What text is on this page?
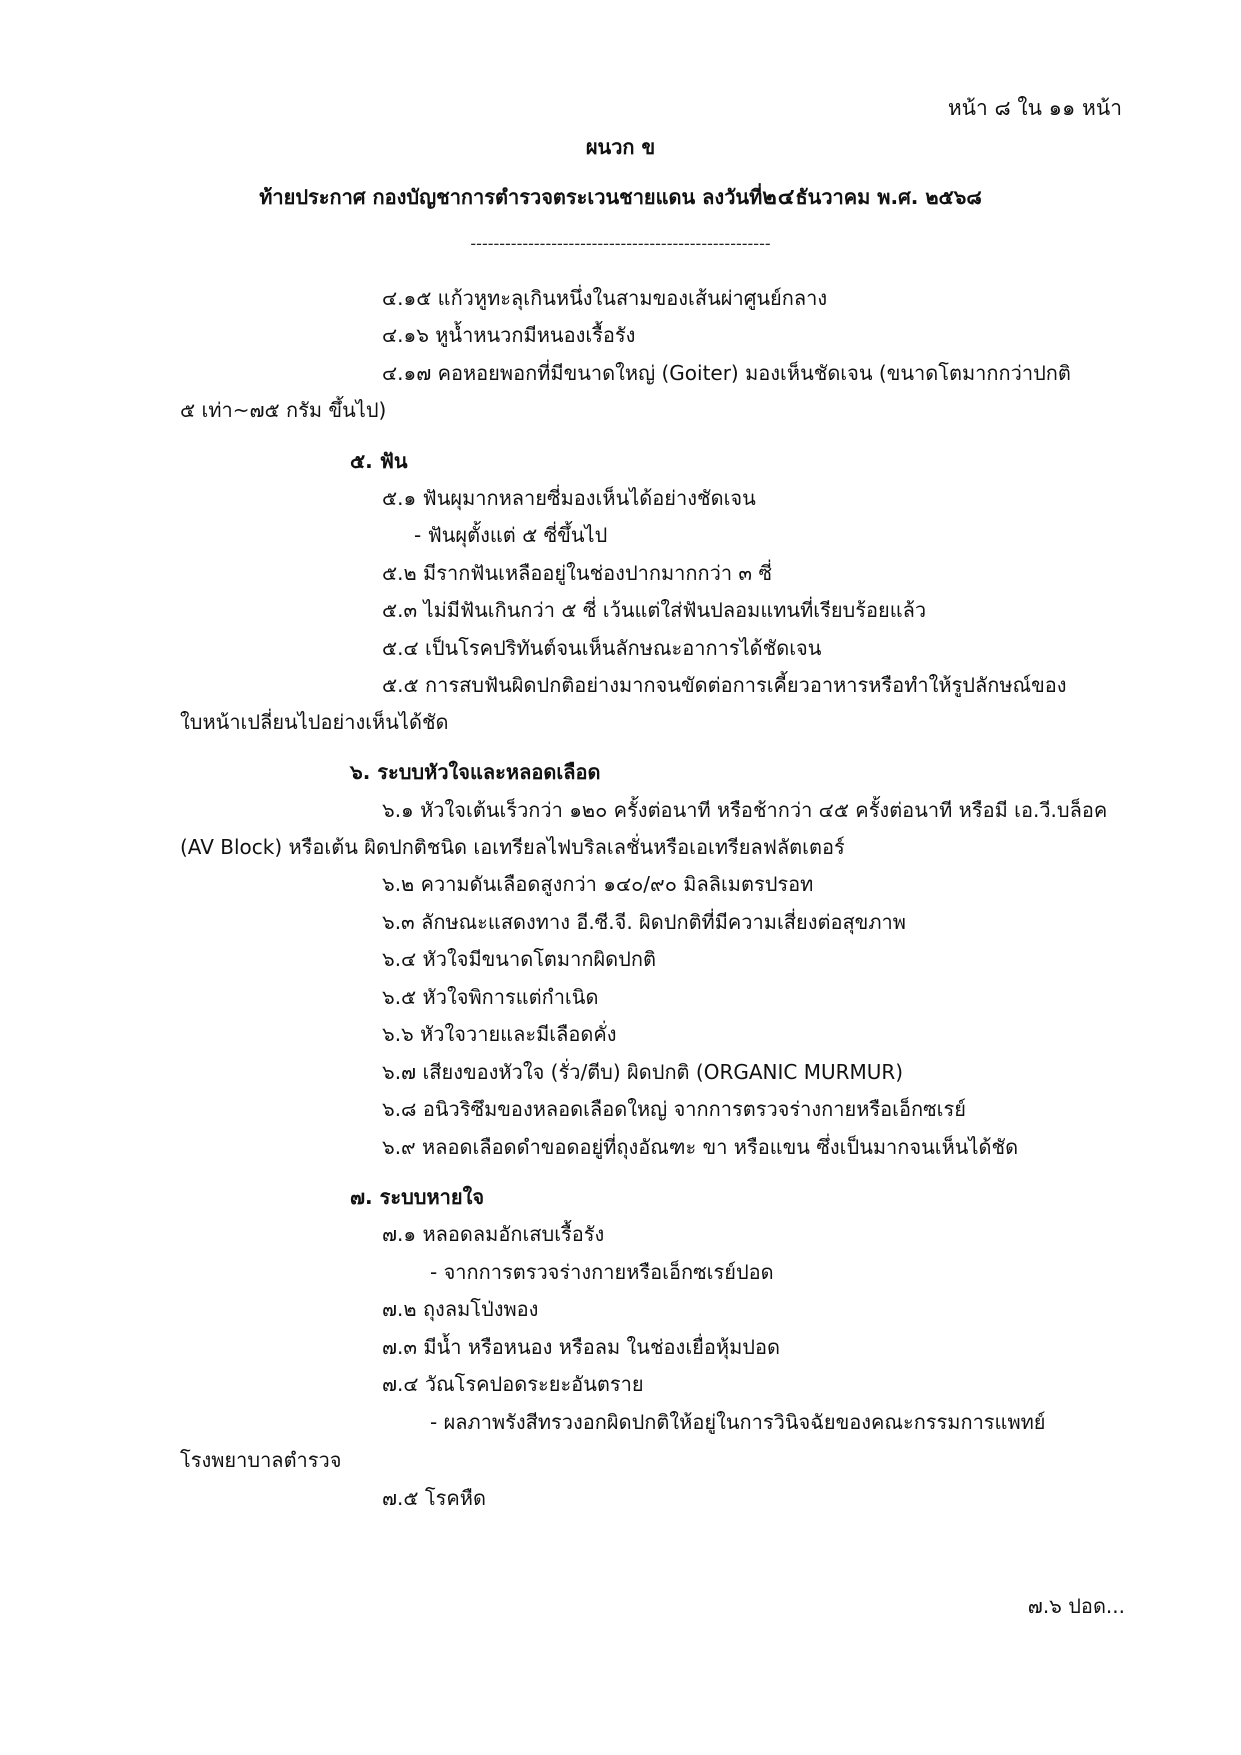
หน้า ๘ ใน ๑๑ หน้า
ผนวก ข
ท้ายประกาศ กองบัญชาการตำรวจตระเวนชายแดน ลงวันที่๒๔ธันวาคม พ.ศ. ๒๕๖๘
----------------------------------------------------
๔.๑๕ แก้วหูทะลุเกินหนึ่งในสามของเส้นผ่าศูนย์กลาง
๔.๑๖ หูน้ำหนวกมีหนองเรื้อรัง
๔.๑๗ คอหอยพอกที่มีขนาดใหญ่ (Goiter) มองเห็นชัดเจน (ขนาดโตมากกว่าปกติ
๕ เท่า~๗๕ กรัม ขึ้นไป)
๕. ฟัน
๕.๑ ฟันผุมากหลายซี่มองเห็นได้อย่างชัดเจน
- ฟันผุตั้งแต่ ๕ ซี่ขึ้นไป
๕.๒ มีรากฟันเหลืออยู่ในช่องปากมากกว่า ๓ ซี่
๕.๓ ไม่มีฟันเกินกว่า ๕ ซี่ เว้นแต่ใส่ฟันปลอมแทนที่เรียบร้อยแล้ว
๕.๔ เป็นโรคปริทันต์จนเห็นลักษณะอาการได้ชัดเจน
๕.๕ การสบฟันผิดปกติอย่างมากจนขัดต่อการเคี้ยวอาหารหรือทำให้รูปลักษณ์ของ
ใบหน้าเปลี่ยนไปอย่างเห็นได้ชัด
๖. ระบบหัวใจและหลอดเลือด
๖.๑ หัวใจเต้นเร็วกว่า ๑๒๐ ครั้งต่อนาที หรือช้ากว่า ๔๕ ครั้งต่อนาที หรือมี เอ.วี.บล็อค
(AV Block) หรือเต้น ผิดปกติชนิด เอเทรียลไฟบริลเลชั่นหรือเอเทรียลฟลัตเตอร์
๖.๒ ความดันเลือดสูงกว่า ๑๔๐/๙๐ มิลลิเมตรปรอท
๖.๓ ลักษณะแสดงทาง อี.ซี.จี. ผิดปกติที่มีความเสี่ยงต่อสุขภาพ
๖.๔ หัวใจมีขนาดโตมากผิดปกติ
๖.๕ หัวใจพิการแต่กำเนิด
๖.๖ หัวใจวายและมีเลือดคั่ง
๖.๗ เสียงของหัวใจ (รั่ว/ตีบ) ผิดปกติ (ORGANIC MURMUR)
๖.๘ อนิวริซึมของหลอดเลือดใหญ่ จากการตรวจร่างกายหรือเอ็กซเรย์
๖.๙ หลอดเลือดดำขอดอยู่ที่ถุงอัณฑะ ขา หรือแขน ซึ่งเป็นมากจนเห็นได้ชัด
๗. ระบบหายใจ
๗.๑ หลอดลมอักเสบเรื้อรัง
- จากการตรวจร่างกายหรือเอ็กซเรย์ปอด
๗.๒ ถุงลมโป่งพอง
๗.๓ มีน้ำ หรือหนอง หรือลม ในช่องเยื่อหุ้มปอด
๗.๔ วัณโรคปอดระยะอันตราย
- ผลภาพรังสีทรวงอกผิดปกติให้อยู่ในการวินิจฉัยของคณะกรรมการแพทย์
โรงพยาบาลตำรวจ
๗.๕ โรคหืด
๗.๖ ปอด...
